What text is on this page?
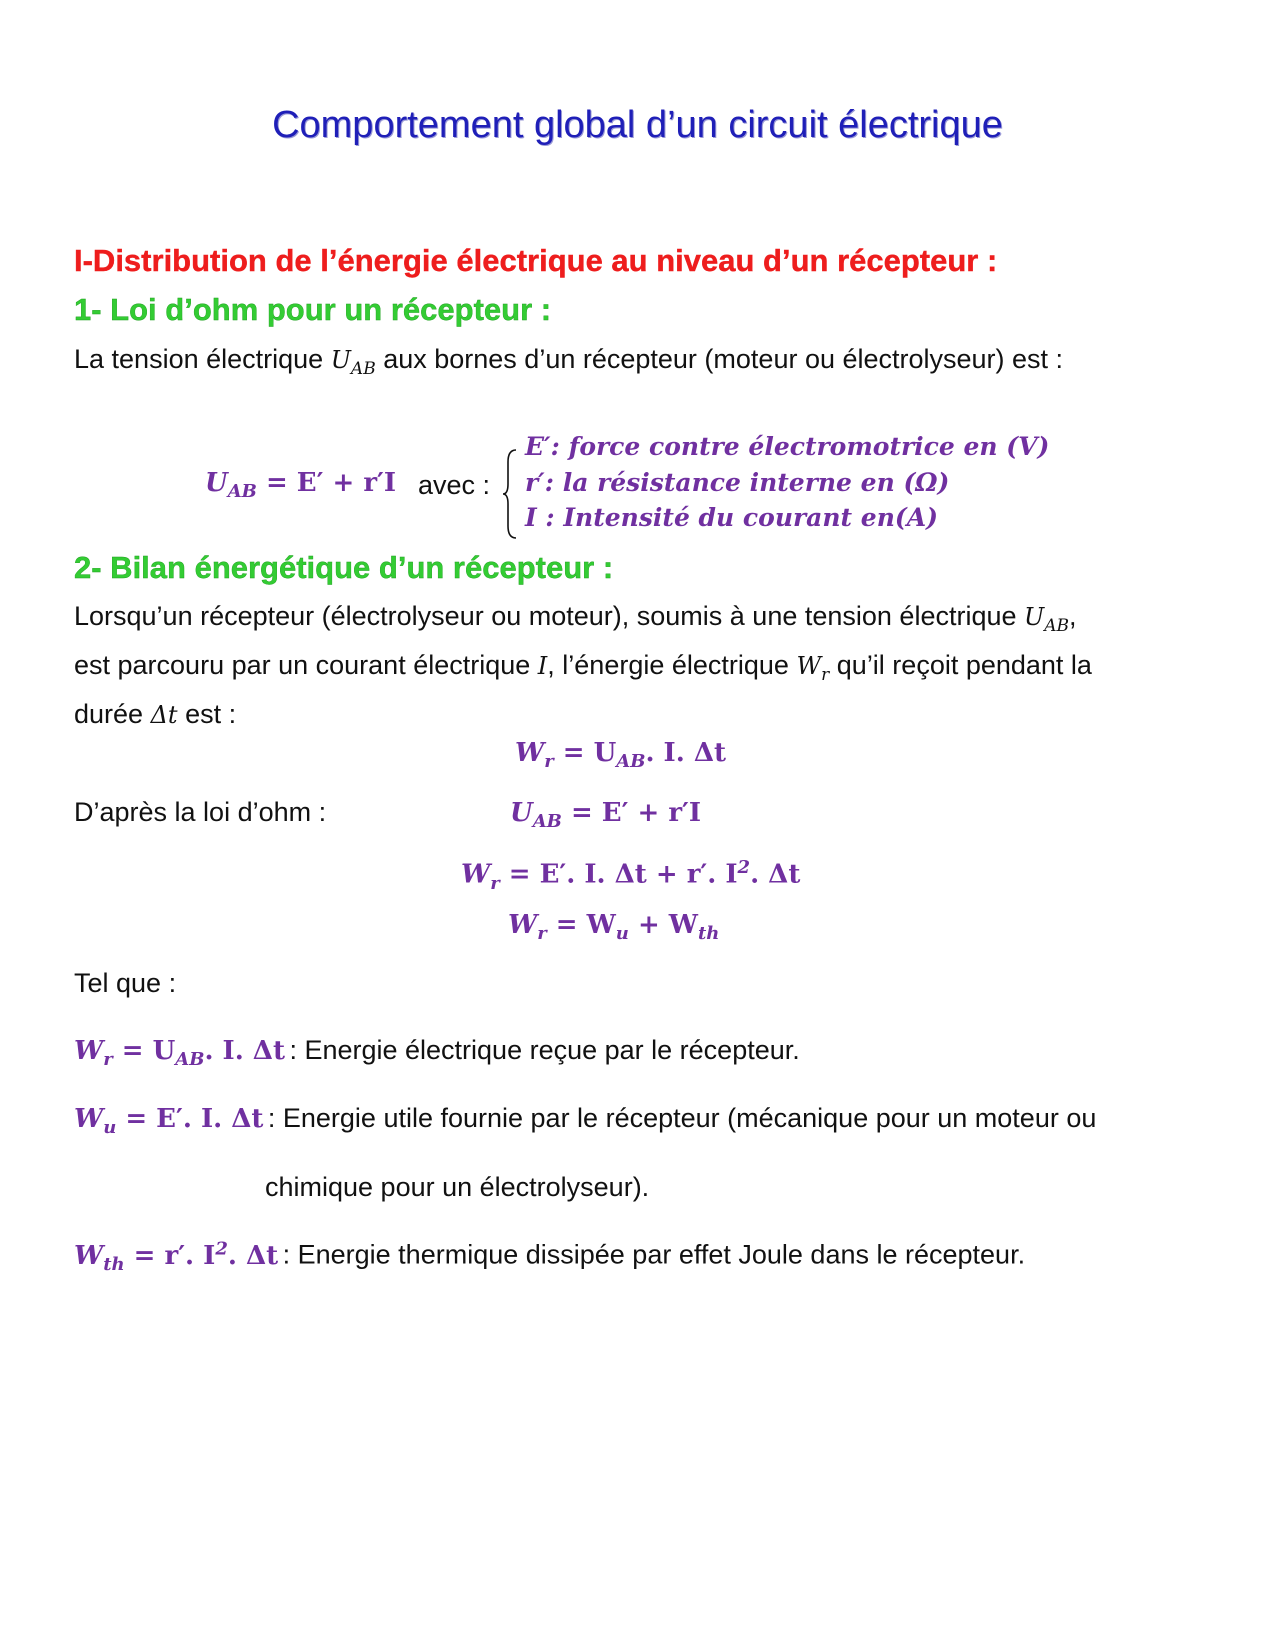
Comportement global d’un circuit électrique
I-Distribution de l’énergie électrique au niveau d’un récepteur :
1- Loi d’ohm pour un récepteur :
La tension électrique $U_{AB}$ aux bornes d’un récepteur (moteur ou électrolyseur) est :
$U_{AB} = E' + r'I$ avec :
E′: force contre électromotrice en (V)
r′: la résistance interne en (Ω)
I : Intensité du courant en(A)
2- Bilan énergétique d’un récepteur :
Lorsqu’un récepteur (électrolyseur ou moteur), soumis à une tension électrique $U_{AB}$,
est parcouru par un courant électrique I, l’énergie électrique $W_r$ qu’il reçoit pendant la
durée Δt est :
$W_r = U_{AB}$. I. Δt
D’après la loi d’ohm :	$U_{AB} = E' + r'I$
$W_r = E'$. I. Δt + r′. $I^2$. Δt
$W_r = W_u + W_{th}$
Tel que :
$W_r = U_{AB}$. I. Δt : Energie électrique reçue par le récepteur.
$W_u = E'$. I. Δt : Energie utile fournie par le récepteur (mécanique pour un moteur ou
chimique pour un électrolyseur).
$W_{th} = r'$. $I^2$. Δt : Energie thermique dissipée par effet Joule dans le récepteur.
